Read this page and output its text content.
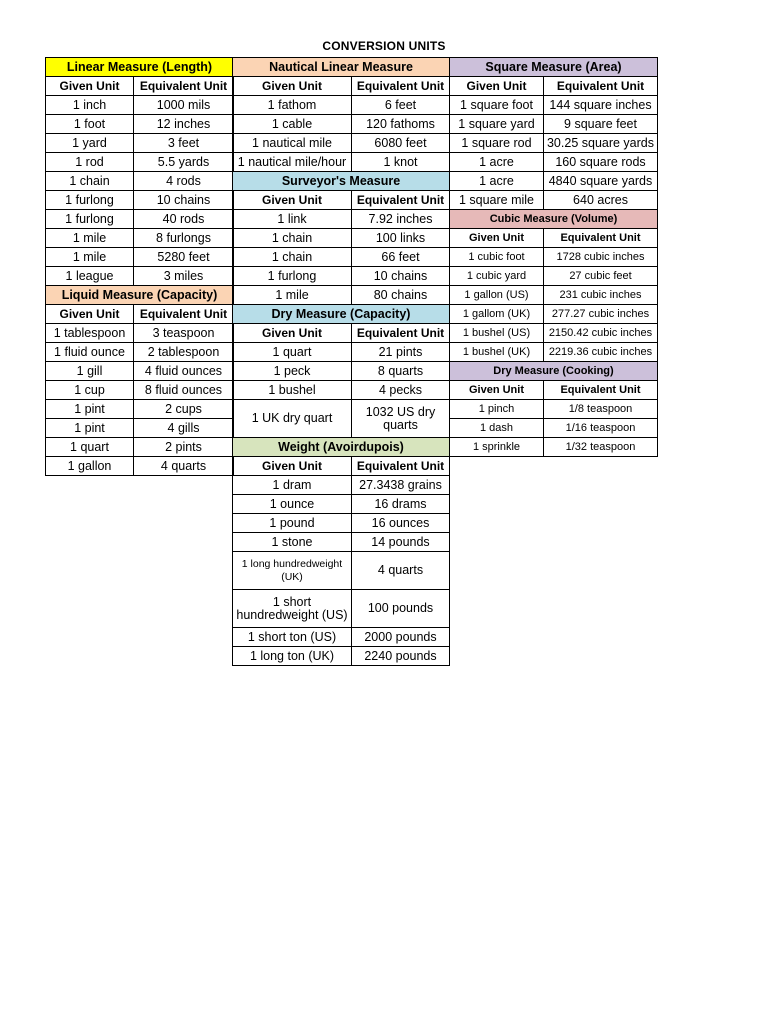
CONVERSION UNITS
Linear Measure (Length)	
Given Unit	Equivalent Unit
1 inch	1000 mils
1 foot	12 inches
1 yard	3 feet
1 rod	5.5 yards
1 chain	4 rods
1 furlong	10 chains
1 furlong	40 rods
1 mile	8 furlongs
1 mile	5280 feet
1 league	3 miles
Liquid Measure (Capacity)	
Given Unit	Equivalent Unit
1 tablespoon	3 teaspoon
1 fluid ounce	2 tablespoon
1 gill	4 fluid ounces
1 cup	8 fluid ounces
1 pint	2 cups
1 pint	4 gills
1 quart	2 pints
1 gallon	4 quarts
Nautical Linear Measure	
Given Unit	Equivalent Unit
1 fathom	6 feet
1 cable	120 fathoms
1 nautical mile	6080 feet
1 nautical mile/hour	1 knot
Surveyor's Measure	
Given Unit	Equivalent Unit
1 link	7.92 inches
1 chain	100 links
1 chain	66 feet
1 furlong	10 chains
1 mile	80 chains
Dry Measure (Capacity)	
Given Unit	Equivalent Unit
1 quart	21 pints
1 peck	8 quarts
1 bushel	4 pecks
1 UK dry quart	1032 US dry quarts
Weight (Avoirdupois)	
Given Unit	Equivalent Unit
1 dram	27.3438 grains
1 ounce	16 drams
1 pound	16 ounces
1 stone	14 pounds
1 long hundredweight (UK)	4 quarts
1 short hundredweight (US)	100 pounds
1 short ton (US)	2000 pounds
1 long ton (UK)	2240 pounds
Square Measure (Area)	
Given Unit	Equivalent Unit
1 square foot	144 square inches
1 square yard	9 square feet
1 square rod	30.25 square yards
1 acre	160 square rods
1 acre	4840 square yards
1 square mile	640 acres
Cubic Measure (Volume)	
Given Unit	Equivalent Unit
1 cubic foot	1728 cubic inches
1 cubic yard	27 cubic feet
1 gallon (US)	231 cubic inches
1 gallom (UK)	277.27 cubic inches
1 bushel (US)	2150.42 cubic inches
1 bushel (UK)	2219.36 cubic inches
Dry Measure (Cooking)	
Given Unit	Equivalent Unit
1 pinch	1/8 teaspoon
1 dash	1/16 teaspoon
1 sprinkle	1/32 teaspoon
